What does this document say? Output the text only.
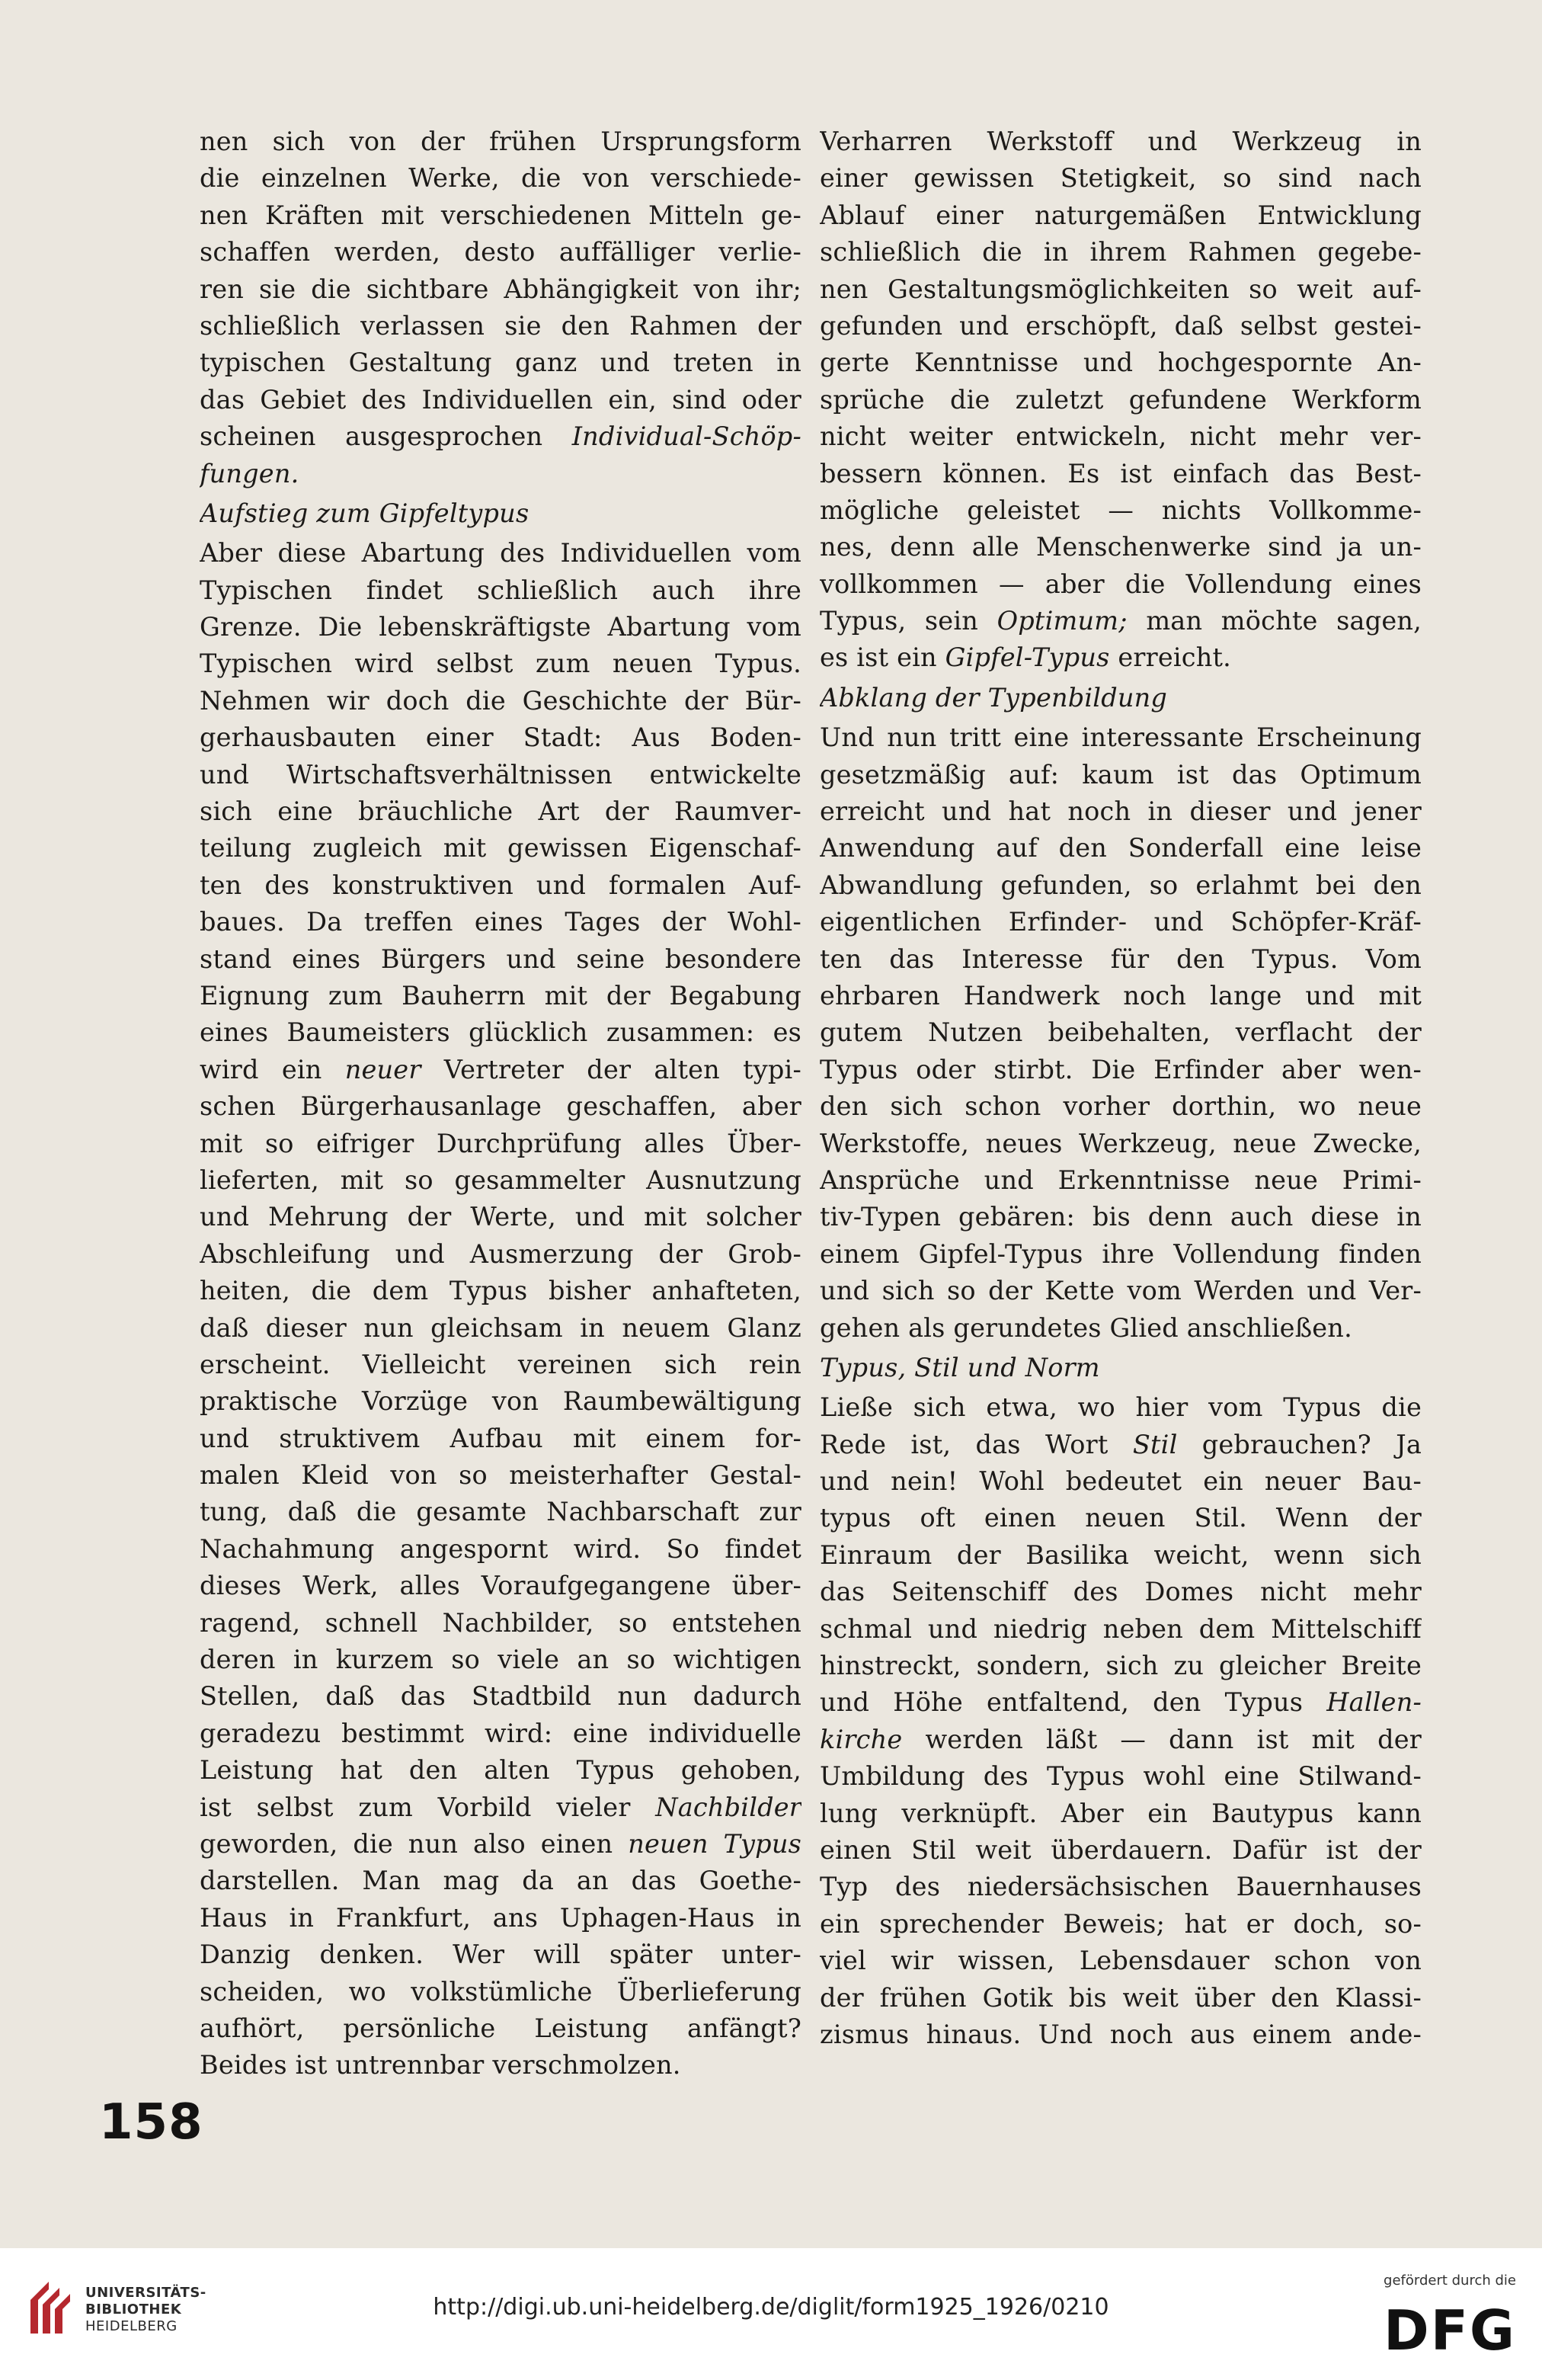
nen sich von der frühen Ursprungsform
die einzelnen Werke, die von verschiede-
nen Kräften mit verschiedenen Mitteln ge-
schaffen werden, desto auffälliger verlie-
ren sie die sichtbare Abhängigkeit von ihr;
schließlich verlassen sie den Rahmen der
typischen Gestaltung ganz und treten in
das Gebiet des Individuellen ein, sind oder
scheinen ausgesprochen Individual-Schöp-
fungen.
Aufstieg zum Gipfeltypus
Aber diese Abartung des Individuellen vom
Typischen findet schließlich auch ihre
Grenze. Die lebenskräftigste Abartung vom
Typischen wird selbst zum neuen Typus.
Nehmen wir doch die Geschichte der Bür-
gerhausbauten einer Stadt: Aus Boden-
und Wirtschaftsverhältnissen entwickelte
sich eine bräuchliche Art der Raumver-
teilung zugleich mit gewissen Eigenschaf-
ten des konstruktiven und formalen Auf-
baues. Da treffen eines Tages der Wohl-
stand eines Bürgers und seine besondere
Eignung zum Bauherrn mit der Begabung
eines Baumeisters glücklich zusammen: es
wird ein neuer Vertreter der alten typi-
schen Bürgerhausanlage geschaffen, aber
mit so eifriger Durchprüfung alles Über-
lieferten, mit so gesammelter Ausnutzung
und Mehrung der Werte, und mit solcher
Abschleifung und Ausmerzung der Grob-
heiten, die dem Typus bisher anhafteten,
daß dieser nun gleichsam in neuem Glanz
erscheint. Vielleicht vereinen sich rein
praktische Vorzüge von Raumbewältigung
und struktivem Aufbau mit einem for-
malen Kleid von so meisterhafter Gestal-
tung, daß die gesamte Nachbarschaft zur
Nachahmung angespornt wird. So findet
dieses Werk, alles Voraufgegangene über-
ragend, schnell Nachbilder, so entstehen
deren in kurzem so viele an so wichtigen
Stellen, daß das Stadtbild nun dadurch
geradezu bestimmt wird: eine individuelle
Leistung hat den alten Typus gehoben,
ist selbst zum Vorbild vieler Nachbilder
geworden, die nun also einen neuen Typus
darstellen. Man mag da an das Goethe-
Haus in Frankfurt, ans Uphagen-Haus in
Danzig denken. Wer will später unter-
scheiden, wo volkstümliche Überlieferung
aufhört, persönliche Leistung anfängt?
Beides ist untrennbar verschmolzen.
Verharren Werkstoff und Werkzeug in
einer gewissen Stetigkeit, so sind nach
Ablauf einer naturgemäßen Entwicklung
schließlich die in ihrem Rahmen gegebe-
nen Gestaltungsmöglichkeiten so weit auf-
gefunden und erschöpft, daß selbst gestei-
gerte Kenntnisse und hochgespornte An-
sprüche die zuletzt gefundene Werkform
nicht weiter entwickeln, nicht mehr ver-
bessern können. Es ist einfach das Best-
mögliche geleistet — nichts Vollkomme-
nes, denn alle Menschenwerke sind ja un-
vollkommen — aber die Vollendung eines
Typus, sein Optimum; man möchte sagen,
es ist ein Gipfel-Typus erreicht.
Abklang der Typenbildung
Und nun tritt eine interessante Erscheinung
gesetzmäßig auf: kaum ist das Optimum
erreicht und hat noch in dieser und jener
Anwendung auf den Sonderfall eine leise
Abwandlung gefunden, so erlahmt bei den
eigentlichen Erfinder- und Schöpfer-Kräf-
ten das Interesse für den Typus. Vom
ehrbaren Handwerk noch lange und mit
gutem Nutzen beibehalten, verflacht der
Typus oder stirbt. Die Erfinder aber wen-
den sich schon vorher dorthin, wo neue
Werkstoffe, neues Werkzeug, neue Zwecke,
Ansprüche und Erkenntnisse neue Primi-
tiv-Typen gebären: bis denn auch diese in
einem Gipfel-Typus ihre Vollendung finden
und sich so der Kette vom Werden und Ver-
gehen als gerundetes Glied anschließen.
Typus, Stil und Norm
Ließe sich etwa, wo hier vom Typus die
Rede ist, das Wort Stil gebrauchen? Ja
und nein! Wohl bedeutet ein neuer Bau-
typus oft einen neuen Stil. Wenn der
Einraum der Basilika weicht, wenn sich
das Seitenschiff des Domes nicht mehr
schmal und niedrig neben dem Mittelschiff
hinstreckt, sondern, sich zu gleicher Breite
und Höhe entfaltend, den Typus Hallen-
kirche werden läßt — dann ist mit der
Umbildung des Typus wohl eine Stilwand-
lung verknüpft. Aber ein Bautypus kann
einen Stil weit überdauern. Dafür ist der
Typ des niedersächsischen Bauernhauses
ein sprechender Beweis; hat er doch, so-
viel wir wissen, Lebensdauer schon von
der frühen Gotik bis weit über den Klassi-
zismus hinaus. Und noch aus einem ande-
158
UNIVERSITÄTS-
BIBLIOTHEK
HEIDELBERG
http://digi.ub.uni-heidelberg.de/diglit/form1925_1926/0210
gefördert durch die
DFG
